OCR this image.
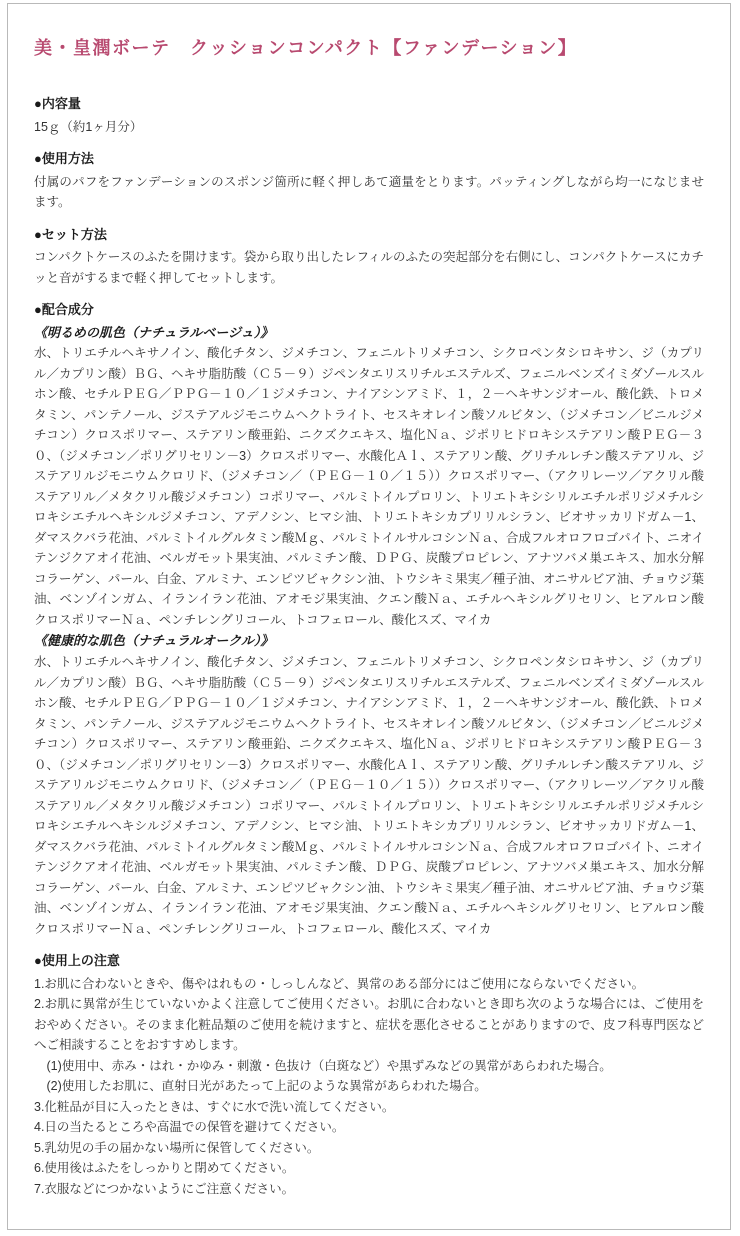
美・皇潤ボーテ　クッションコンパクト【ファンデーション】
●内容量
15ｇ（約1ヶ月分）
●使用方法
付属のパフをファンデーションのスポンジ箇所に軽く押しあて適量をとります。パッティングしながら均一になじませます。
●セット方法
コンパクトケースのふたを開けます。袋から取り出したレフィルのふたの突起部分を右側にし、コンパクトケースにカチッと音がするまで軽く押してセットします。
●配合成分
《明るめの肌色（ナチュラルベージュ）》
水、トリエチルヘキサノイン、酸化チタン、ジメチコン、フェニルトリメチコン、シクロペンタシロキサン、ジ（カプリル／カプリン酸）ＢＧ、ヘキサ脂肪酸（Ｃ５－９）ジペンタエリスリチルエステルズ、フェニルベンズイミダゾールスルホン酸、セチルＰＥＧ／ＰＰＧ－１０／１ジメチコン、ナイアシンアミド、１，２－ヘキサンジオール、酸化鉄、トロメタミン、パンテノール、ジステアルジモニウムヘクトライト、セスキオレイン酸ソルビタン、（ジメチコン／ビニルジメチコン）クロスポリマー、ステアリン酸亜鉛、ニクズクエキス、塩化Ｎａ、ジポリヒドロキシステアリン酸ＰＥＧ－３０、（ジメチコン／ポリグリセリン－3）クロスポリマー、水酸化Ａｌ、ステアリン酸、グリチルレチン酸ステアリル、ジステアリルジモニウムクロリド、（ジメチコン／（ＰＥＧ－１０／１５））クロスポリマー、（アクリレーツ／アクリル酸ステアリル／メタクリル酸ジメチコン）コポリマー、パルミトイルプロリン、トリエトキシシリルエチルポリジメチルシロキシエチルヘキシルジメチコン、アデノシン、ヒマシ油、トリエトキシカプリリルシラン、ビオサッカリドガム－1、ダマスクバラ花油、パルミトイルグルタミン酸Ｍｇ、パルミトイルサルコシンＮａ、合成フルオロフロゴパイト、ニオイテンジクアオイ花油、ベルガモット果実油、パルミチン酸、ＤＰＧ、炭酸プロピレン、アナツバメ巣エキス、加水分解コラーゲン、パール、白金、アルミナ、エンピツビャクシン油、トウシキミ果実／種子油、オニサルビア油、チョウジ葉油、ベンゾインガム、イランイラン花油、アオモジ果実油、クエン酸Ｎａ、エチルヘキシルグリセリン、ヒアルロン酸クロスポリマーＮａ、ペンチレングリコール、トコフェロール、酸化スズ、マイカ
《健康的な肌色（ナチュラルオークル）》
水、トリエチルヘキサノイン、酸化チタン、ジメチコン、フェニルトリメチコン、シクロペンタシロキサン、ジ（カプリル／カプリン酸）ＢＧ、ヘキサ脂肪酸（Ｃ５－９）ジペンタエリスリチルエステルズ、フェニルベンズイミダゾールスルホン酸、セチルＰＥＧ／ＰＰＧ－１０／１ジメチコン、ナイアシンアミド、１，２－ヘキサンジオール、酸化鉄、トロメタミン、パンテノール、ジステアルジモニウムヘクトライト、セスキオレイン酸ソルビタン、（ジメチコン／ビニルジメチコン）クロスポリマー、ステアリン酸亜鉛、ニクズクエキス、塩化Ｎａ、ジポリヒドロキシステアリン酸ＰＥＧ－３０、（ジメチコン／ポリグリセリン－3）クロスポリマー、水酸化Ａｌ、ステアリン酸、グリチルレチン酸ステアリル、ジステアリルジモニウムクロリド、（ジメチコン／（ＰＥＧ－１０／１５））クロスポリマー、（アクリレーツ／アクリル酸ステアリル／メタクリル酸ジメチコン）コポリマー、パルミトイルプロリン、トリエトキシシリルエチルポリジメチルシロキシエチルヘキシルジメチコン、アデノシン、ヒマシ油、トリエトキシカプリリルシラン、ビオサッカリドガム－1、ダマスクバラ花油、パルミトイルグルタミン酸Ｍｇ、パルミトイルサルコシンＮａ、合成フルオロフロゴパイト、ニオイテンジクアオイ花油、ベルガモット果実油、パルミチン酸、ＤＰＧ、炭酸プロピレン、アナツバメ巣エキス、加水分解コラーゲン、パール、白金、アルミナ、エンピツビャクシン油、トウシキミ果実／種子油、オニサルビア油、チョウジ葉油、ベンゾインガム、イランイラン花油、アオモジ果実油、クエン酸Ｎａ、エチルヘキシルグリセリン、ヒアルロン酸クロスポリマーＮａ、ペンチレングリコール、トコフェロール、酸化スズ、マイカ
●使用上の注意
1.お肌に合わないときや、傷やはれもの・しっしんなど、異常のある部分にはご使用にならないでください。
2.お肌に異常が生じていないかよく注意してご使用ください。お肌に合わないとき即ち次のような場合には、ご使用をおやめください。そのまま化粧品類のご使用を続けますと、症状を悪化させることがありますので、皮フ科専門医などへご相談することをおすすめします。
　(1)使用中、赤み・はれ・かゆみ・刺激・色抜け（白斑など）や黒ずみなどの異常があらわれた場合。
　(2)使用したお肌に、直射日光があたって上記のような異常があらわれた場合。
3.化粧品が目に入ったときは、すぐに水で洗い流してください。
4.日の当たるところや高温での保管を避けてください。
5.乳幼児の手の届かない場所に保管してください。
6.使用後はふたをしっかりと閉めてください。
7.衣服などにつかないようにご注意ください。
